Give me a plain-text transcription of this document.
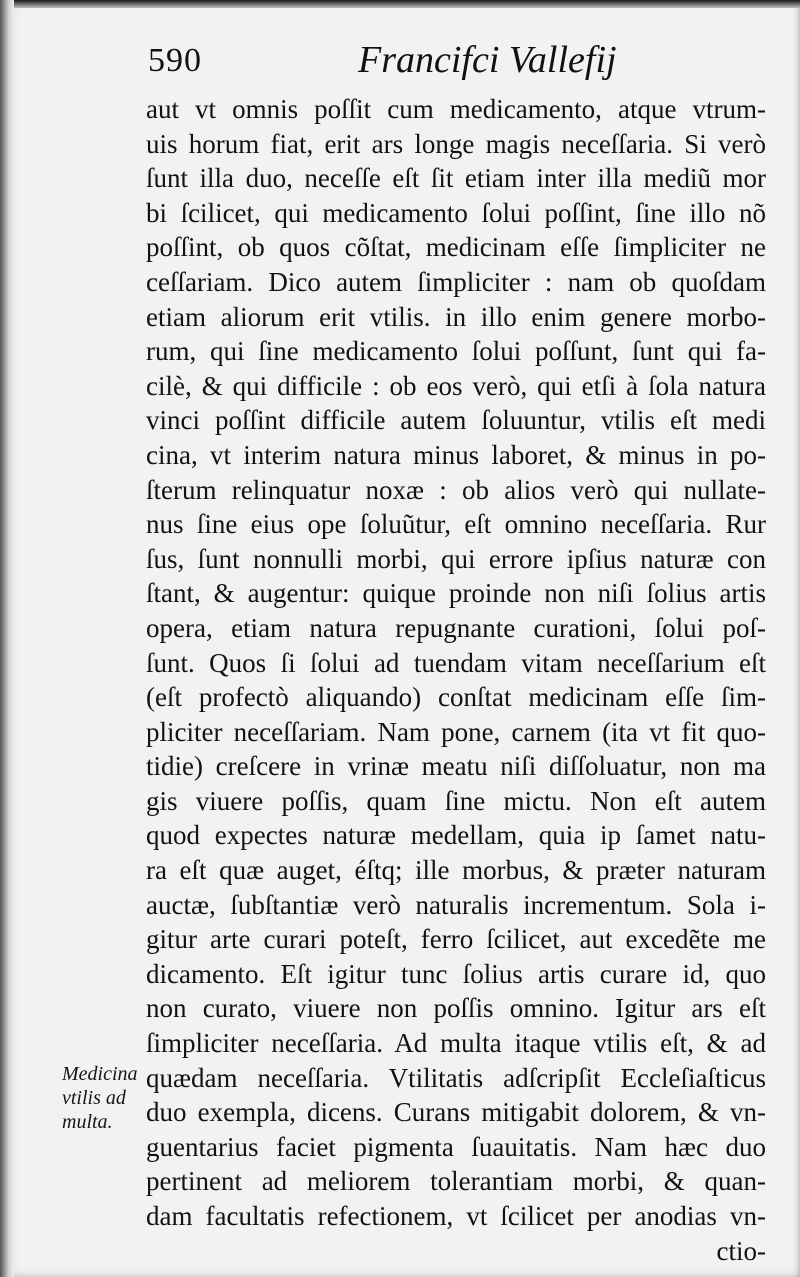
590	Francifci Vallefij
Medicina
vtilis ad
multa.
aut vt omnis poſſit cum medicamento, atque vtrum-
uis horum fiat, erit ars longe magis neceſſaria. Si verò
ſunt illa duo, neceſſe eſt ſit etiam inter illa mediũ mor
bi ſcilicet, qui medicamento ſolui poſſint, ſine illo nõ
poſſint, ob quos cõſtat, medicinam eſſe ſimpliciter ne
ceſſariam. Dico autem ſimpliciter : nam ob quoſdam
etiam aliorum erit vtilis. in illo enim genere morbo-
rum, qui ſine medicamento ſolui poſſunt, ſunt qui fa-
cilè, & qui difficile : ob eos verò, qui etſi à ſola natura
vinci poſſint difficile autem ſoluuntur, vtilis eſt medi
cina, vt interim natura minus laboret, & minus in po-
ſterum relinquatur noxæ : ob alios verò qui nullate-
nus ſine eius ope ſoluũtur, eſt omnino neceſſaria. Rur
ſus, ſunt nonnulli morbi, qui errore ipſius naturæ con
ſtant, & augentur: quique proinde non niſi ſolius artis
opera, etiam natura repugnante curationi, ſolui poſ-
ſunt. Quos ſi ſolui ad tuendam vitam neceſſarium eſt
(eſt profectò aliquando) conſtat medicinam eſſe ſim-
pliciter neceſſariam. Nam pone, carnem (ita vt fit quo-
tidie) creſcere in vrinæ meatu niſi diſſoluatur, non ma
gis viuere poſſis, quam ſine mictu. Non eſt autem
quod expectes naturæ medellam, quia ip ſamet natu-
ra eſt quæ auget, éſtq; ille morbus, & præter naturam
auctæ, ſubſtantiæ verò naturalis incrementum. Sola i-
gitur arte curari poteſt, ferro ſcilicet, aut excedẽte me
dicamento. Eſt igitur tunc ſolius artis curare id, quo
non curato, viuere non poſſis omnino. Igitur ars eſt
ſimpliciter neceſſaria. Ad multa itaque vtilis eſt, & ad
quædam neceſſaria. Vtilitatis adſcripſit Eccleſiaſticus
duo exempla, dicens. Curans mitigabit dolorem, & vn-
guentarius faciet pigmenta ſuauitatis. Nam hæc duo
pertinent ad meliorem tolerantiam morbi, & quan-
dam facultatis refectionem, vt ſcilicet per anodias vn-
ctio-
